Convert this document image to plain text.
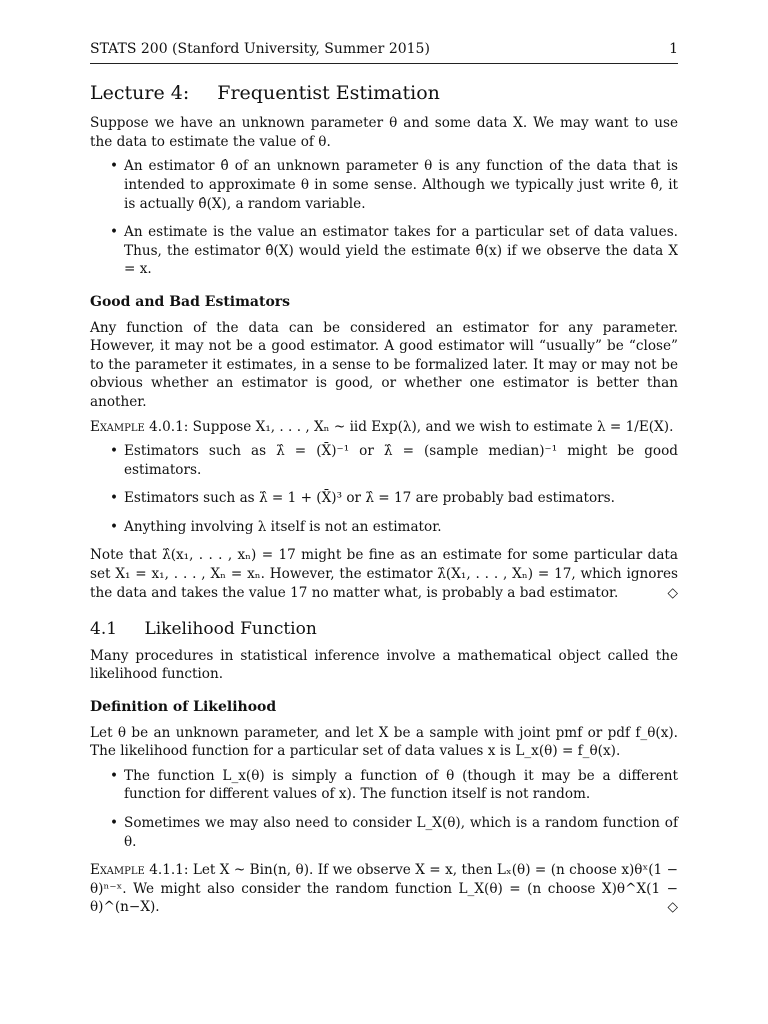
STATS 200 (Stanford University, Summer 2015)	1
Lecture 4: Frequentist Estimation

Suppose we have an unknown parameter θ and some data X. We may want to use the data to estimate the value of θ.

• An estimator θ̂ of an unknown parameter θ is any function of the data that is intended to approximate θ in some sense. Although we typically just write θ̂, it is actually θ̂(X), a random variable.
• An estimate is the value an estimator takes for a particular set of data values. Thus, the estimator θ̂(X) would yield the estimate θ̂(x) if we observe the data X = x.
Good and Bad Estimators

Any function of the data can be considered an estimator for any parameter. However, it may not be a good estimator. A good estimator will “usually” be “close” to the parameter it estimates, in a sense to be formalized later. It may or may not be obvious whether an estimator is good, or whether one estimator is better than another.

Example 4.0.1: Suppose X₁, . . . , Xₙ ~ iid Exp(λ), and we wish to estimate λ = 1/E(X).

• Estimators such as λ̂ = (X̄)⁻¹ or λ̂ = (sample median)⁻¹ might be good estimators.
• Estimators such as λ̂ = 1 + (X̄)³ or λ̂ = 17 are probably bad estimators.
• Anything involving λ itself is not an estimator.

Note that λ̂(x₁, . . . , xₙ) = 17 might be fine as an estimate for some particular data set X₁ = x₁, . . . , Xₙ = xₙ. However, the estimator λ̂(X₁, . . . , Xₙ) = 17, which ignores the data and takes the value 17 no matter what, is probably a bad estimator.	◇

4.1 Likelihood Function

Many procedures in statistical inference involve a mathematical object called the likelihood function.

Definition of Likelihood

Let θ be an unknown parameter, and let X be a sample with joint pmf or pdf f_θ(x). The likelihood function for a particular set of data values x is L_x(θ) = f_θ(x).

• The function L_x(θ) is simply a function of θ (though it may be a different function for different values of x). The function itself is not random.
• Sometimes we may also need to consider L_X(θ), which is a random function of θ.

Example 4.1.1: Let X ~ Bin(n, θ). If we observe X = x, then Lₓ(θ) = (n choose x)θˣ(1 − θ)ⁿ⁻ˣ. We might also consider the random function L_X(θ) = (n choose X)θ^X(1 − θ)^(n−X).	◇
